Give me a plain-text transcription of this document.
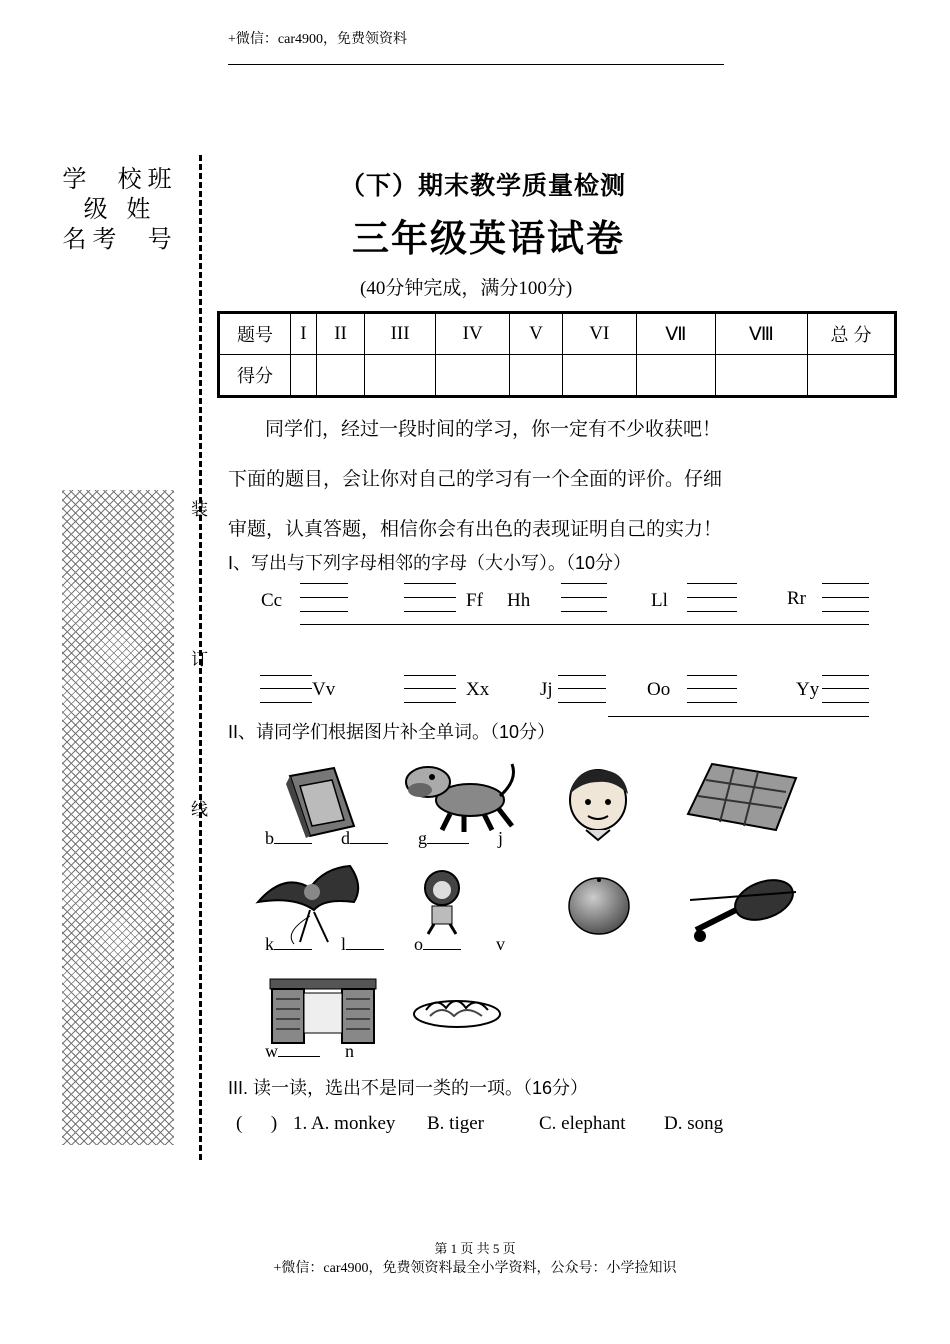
+微信：car4900，免费领资料
学  校班
级 姓
名考  号
装
订
线
（下）期末教学质量检测
三年级英语试卷
(40分钟完成，满分100分)
题号	I	II	III	IV	V	VI	Ⅶ	Ⅷ	总 分
得分									
同学们，经过一段时间的学习，你一定有不少收获吧！
下面的题目，会让你对自己的学习有一个全面的评价。仔细
审题，认真答题，相信你会有出色的表现证明自己的实力！
I、写出与下列字母相邻的字母（大小写）。（10分）
Cc	Ff Hh	Ll	Rr
Vv	Xx	Jj	Oo	Yy
II、请同学们根据图片补全单词。（10分）
b	d	g	j
k	l	o	v
w	n
III. 读一读，选出不是同一类的一项。（16分）
(      ) 1. A. monkey B. tiger	C. elephant D. song
第 1 页 共 5 页
+微信：car4900，免费领资料最全小学资料，公众号：小学捡知识
